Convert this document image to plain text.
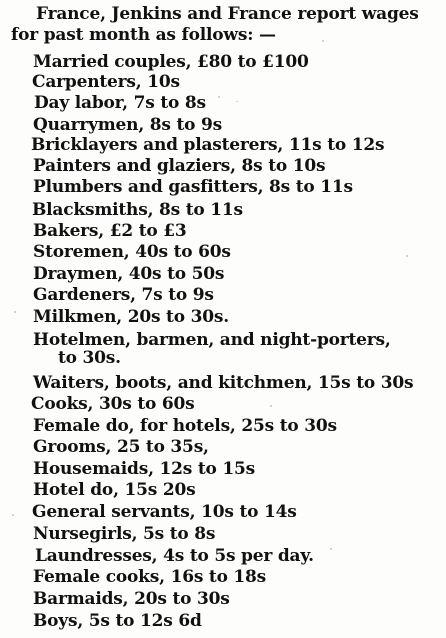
France, Jenkins and France report wages
for past month as follows: —
Married couples, £80 to £100
Carpenters, 10s
Day labor, 7s to 8s
Quarrymen, 8s to 9s
Bricklayers and plasterers, 11s to 12s
Painters and glaziers, 8s to 10s
Plumbers and gasfitters, 8s to 11s
Blacksmiths, 8s to 11s
Bakers, £2 to £3
Storemen, 40s to 60s
Draymen, 40s to 50s
Gardeners, 7s to 9s
Milkmen, 20s to 30s.
Hotelmen, barmen, and night-porters,
to 30s.
Waiters, boots, and kitchmen, 15s to 30s
Cooks, 30s to 60s
Female do, for hotels, 25s to 30s
Grooms, 25 to 35s,
Housemaids, 12s to 15s
Hotel do, 15s 20s
General servants, 10s to 14s
Nursegirls, 5s to 8s
Laundresses, 4s to 5s per day.
Female cooks, 16s to 18s
Barmaids, 20s to 30s
Boys, 5s to 12s 6d
